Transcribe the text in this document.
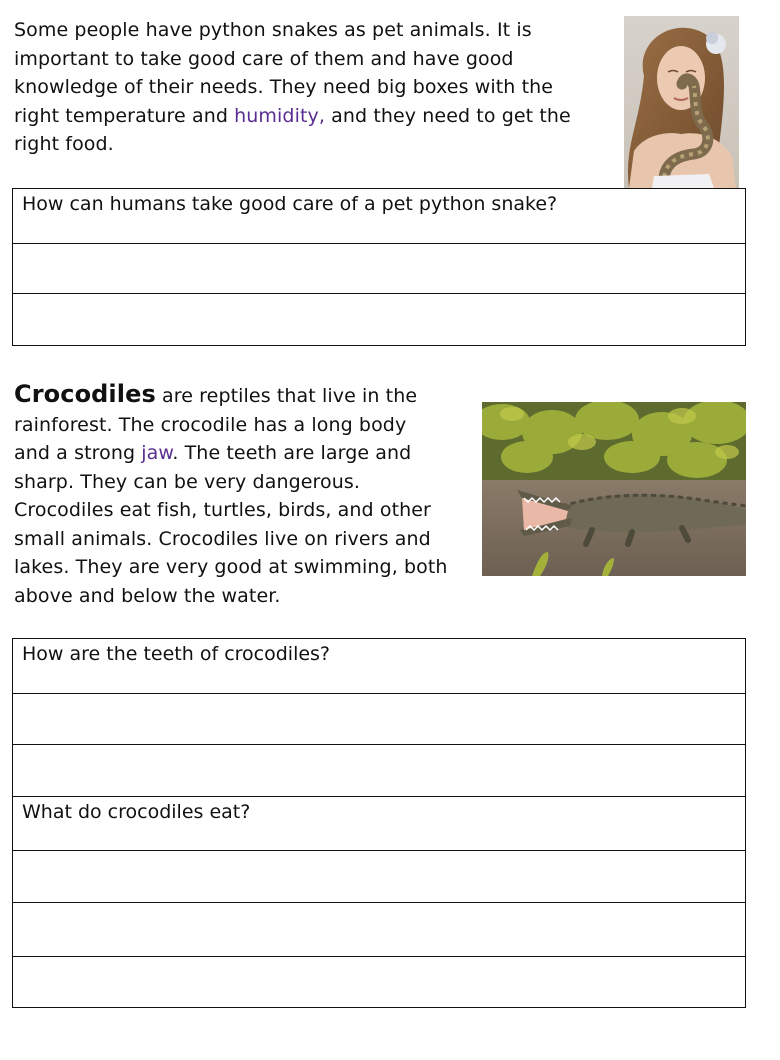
Some people have python snakes as pet animals. It is

important to take good care of them and have good

knowledge of their needs. They need big boxes with the

right temperature and humidity, and they need to get the

right food.

How can humans take good care of a pet python snake?

Crocodiles are reptiles that live in the

rainforest. The crocodile has a long body

and a strong jaw. The teeth are large and

sharp. They can be very dangerous.

Crocodiles eat fish, turtles, birds, and other

small animals. Crocodiles live on rivers and

lakes. They are very good at swimming, both

above and below the water.

How are the teeth of crocodiles?
What do crocodiles eat?
